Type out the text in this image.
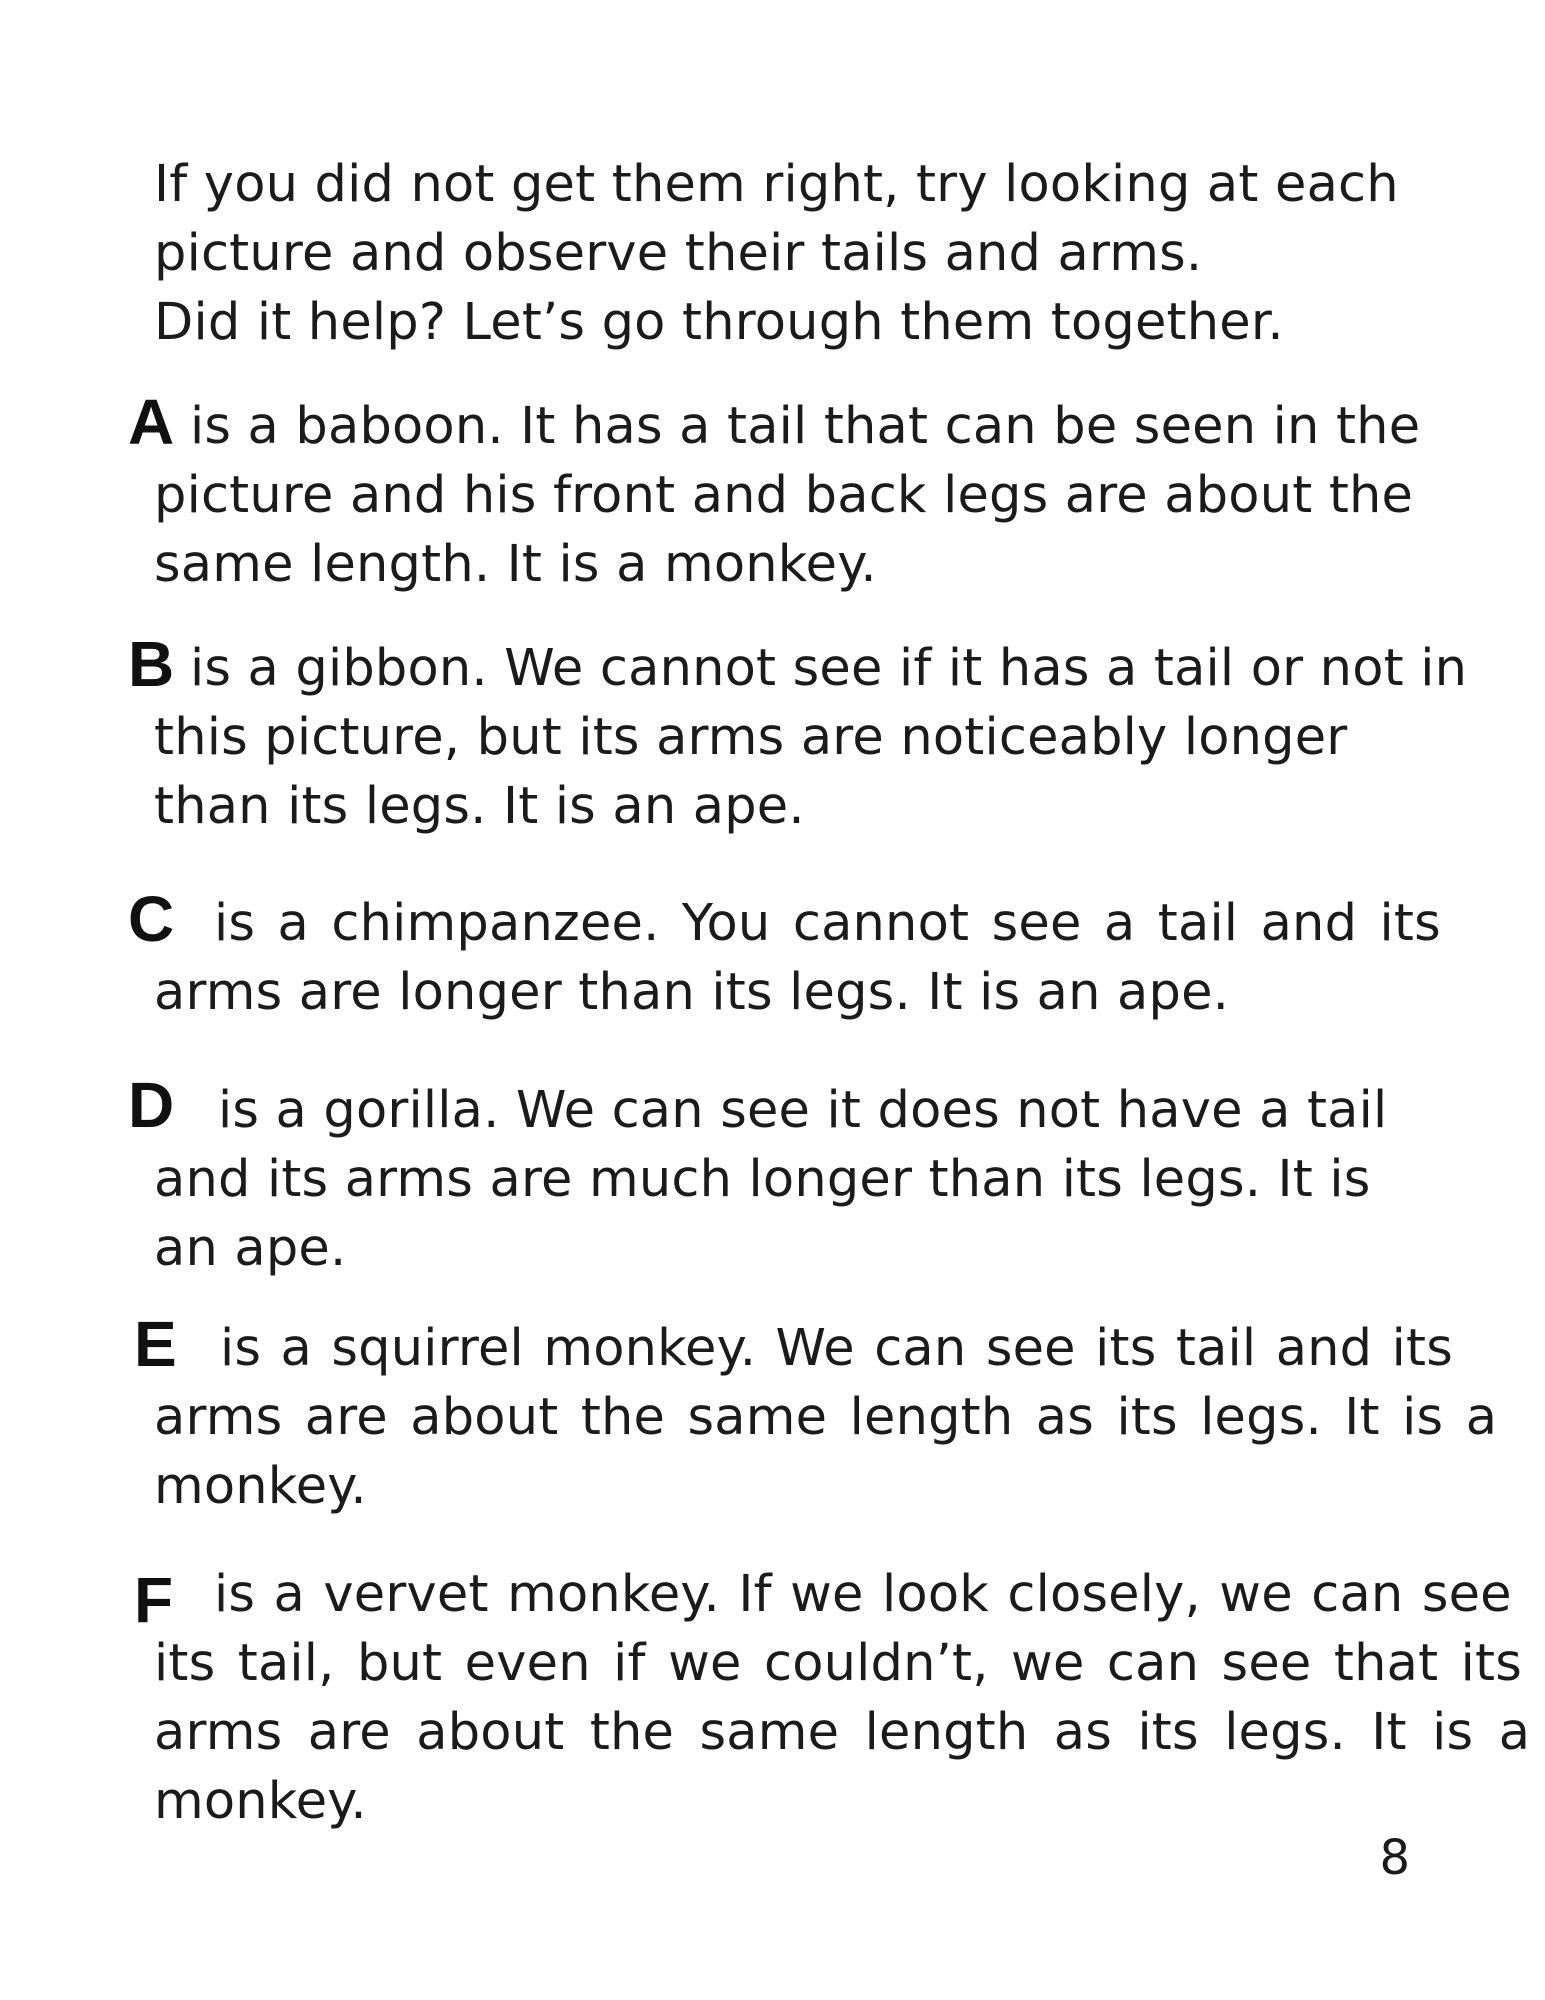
If you did not get them right, try looking at each
picture and observe their tails and arms.
Did it help? Let’s go through them together.
A is a baboon. It has a tail that can be seen in the
picture and his front and back legs are about the
same length. It is a monkey.
B is a gibbon. We cannot see if it has a tail or not in
this picture, but its arms are noticeably longer
than its legs. It is an ape.
C is a chimpanzee. You cannot see a tail and its
arms are longer than its legs. It is an ape.
D is a gorilla. We can see it does not have a tail
and its arms are much longer than its legs. It is
an ape.
E is a squirrel monkey. We can see its tail and its
arms are about the same length as its legs. It is a
monkey.
F is a vervet monkey. If we look closely, we can see
its tail, but even if we couldn’t, we can see that its
arms are about the same length as its legs. It is a
monkey.
8
